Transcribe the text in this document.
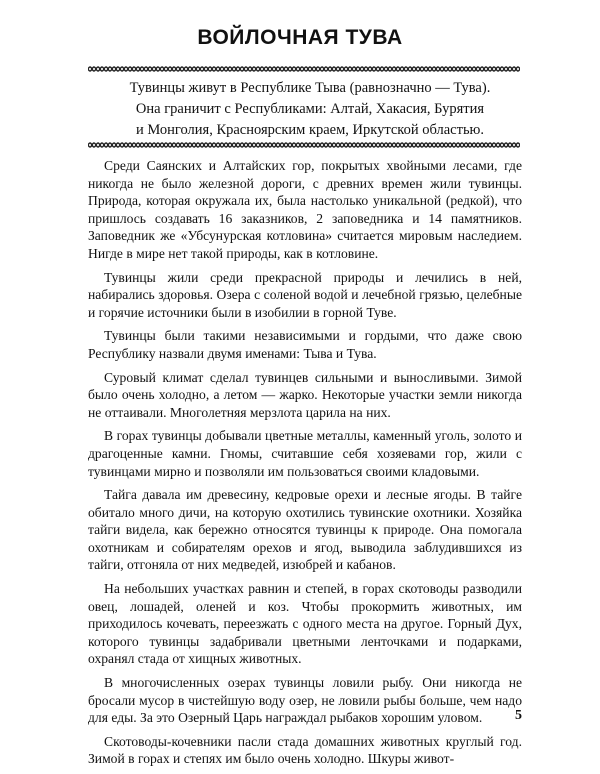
ВОЙЛОЧНАЯ ТУВА

Тувинцы живут в Республике Тыва (равнозначно — Тува).

Она граничит с Республиками: Алтай, Хакасия, Бурятия

и Монголия, Красноярским краем, Иркутской областью.

Среди Саянских и Алтайских гор, покрытых хвойными лесами, где никогда не было железной дороги, с древних времен жили тувинцы. Природа, которая окружала их, была настолько уникальной (редкой), что пришлось создавать 16 заказников, 2 заповедника и 14 памятников. Заповедник же «Убсунурская котловина» считается мировым наследием. Нигде в мире нет такой природы, как в котловине.

Тувинцы жили среди прекрасной природы и лечились в ней, набирались здоровья. Озера с соленой водой и лечебной грязью, целебные и горячие источники были в изобилии в горной Туве.

Тувинцы были такими независимыми и гордыми, что даже свою Республику назвали двумя именами: Тыва и Тува.

Суровый климат сделал тувинцев сильными и выносливыми. Зимой было очень холодно, а летом — жарко. Некоторые участки земли никогда не оттаивали. Многолетняя мерзлота царила на них.

В горах тувинцы добывали цветные металлы, каменный уголь, золото и драгоценные камни. Гномы, считавшие себя хозяевами гор, жили с тувинцами мирно и позволяли им пользоваться своими кладовыми.

Тайга давала им древесину, кедровые орехи и лесные ягоды. В тайге обитало много дичи, на которую охотились тувинские охотники. Хозяйка тайги видела, как бережно относятся тувинцы к природе. Она помогала охотникам и собирателям орехов и ягод, выводила заблудившихся из тайги, отгоняла от них медведей, изюбрей и кабанов.

На небольших участках равнин и степей, в горах скотоводы разводили овец, лошадей, оленей и коз. Чтобы прокормить животных, им приходилось кочевать, переезжать с одного места на другое. Горный Дух, которого тувинцы задабривали цветными ленточками и подарками, охранял стада от хищных животных.

В многочисленных озерах тувинцы ловили рыбу. Они никогда не бросали мусор в чистейшую воду озер, не ловили рыбы больше, чем надо для еды. За это Озерный Царь награждал рыбаков хорошим уловом.

Скотоводы-кочевники пасли стада домашних животных круглый год. Зимой в горах и степях им было очень холодно. Шкуры живот-

5
